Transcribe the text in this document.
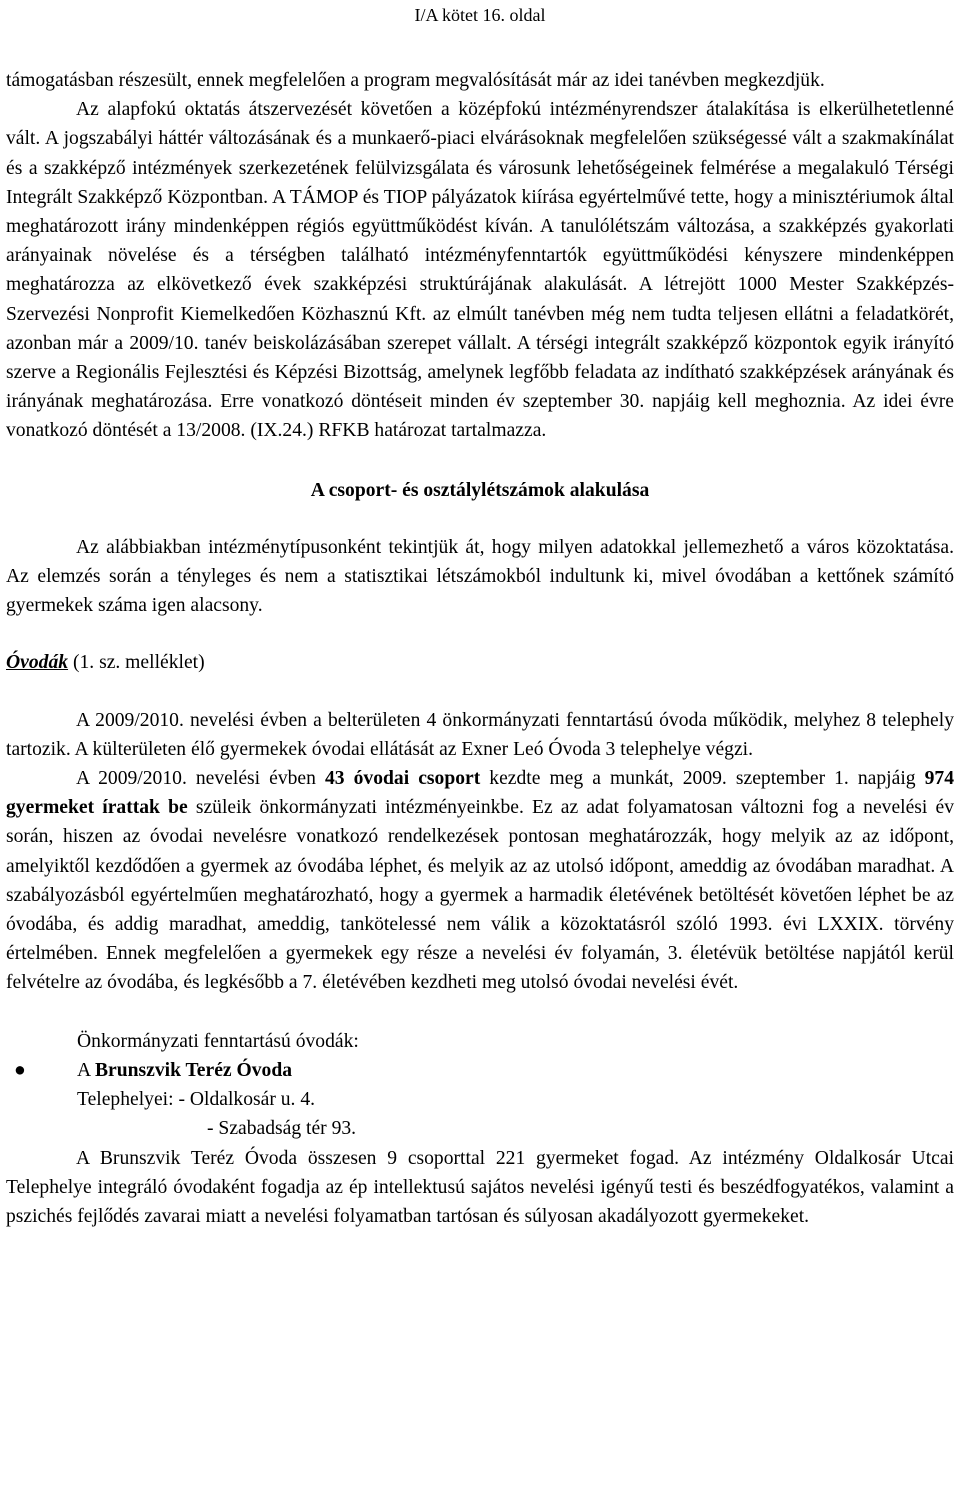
I/A kötet 16. oldal

támogatásban részesült, ennek megfelelően a program megvalósítását már az idei tanévben megkezdjük.

Az alapfokú oktatás átszervezését követően a középfokú intézményrendszer átalakítása is elkerülhetetlenné vált. A jogszabályi háttér változásának és a munkaerő-piaci elvárásoknak megfelelően szükségessé vált a szakmakínálat és a szakképző intézmények szerkezetének felülvizsgálata és városunk lehetőségeinek felmérése a megalakuló Térségi Integrált Szakképző Központban. A TÁMOP és TIOP pályázatok kiírása egyértelművé tette, hogy a minisztériumok által meghatározott irány mindenképpen régiós együttműködést kíván. A tanulólétszám változása, a szakképzés gyakorlati arányainak növelése és a térségben található intézményfenntartók együttműködési kényszere mindenképpen meghatározza az elkövetkező évek szakképzési struktúrájának alakulását. A létrejött 1000 Mester Szakképzés-Szervezési Nonprofit Kiemelkedően Közhasznú Kft. az elmúlt tanévben még nem tudta teljesen ellátni a feladatkörét, azonban már a 2009/10. tanév beiskolázásában szerepet vállalt. A térségi integrált szakképző központok egyik irányító szerve a Regionális Fejlesztési és Képzési Bizottság, amelynek legfőbb feladata az indítható szakképzések arányának és irányának meghatározása. Erre vonatkozó döntéseit minden év szeptember 30. napjáig kell meghoznia. Az idei évre vonatkozó döntését a 13/2008. (IX.24.) RFKB határozat tartalmazza.

A csoport- és osztálylétszámok alakulása

Az alábbiakban intézménytípusonként tekintjük át, hogy milyen adatokkal jellemezhető a város közoktatása. Az elemzés során a tényleges és nem a statisztikai létszámokból indultunk ki, mivel óvodában a kettőnek számító gyermekek száma igen alacsony.

Óvodák (1. sz. melléklet)

A 2009/2010. nevelési évben a belterületen 4 önkormányzati fenntartású óvoda működik, melyhez 8 telephely tartozik. A külterületen élő gyermekek óvodai ellátását az Exner Leó Óvoda 3 telephelye végzi.

A 2009/2010. nevelési évben 43 óvodai csoport kezdte meg a munkát, 2009. szeptember 1. napjáig 974 gyermeket írattak be szüleik önkormányzati intézményeinkbe. Ez az adat folyamatosan változni fog a nevelési év során, hiszen az óvodai nevelésre vonatkozó rendelkezések pontosan meghatározzák, hogy melyik az az időpont, amelyiktől kezdődően a gyermek az óvodába léphet, és melyik az az utolsó időpont, ameddig az óvodában maradhat. A szabályozásból egyértelműen meghatározható, hogy a gyermek a harmadik életévének betöltését követően léphet be az óvodába, és addig maradhat, ameddig, tankötelessé nem válik a közoktatásról szóló 1993. évi LXXIX. törvény értelmében. Ennek megfelelően a gyermekek egy része a nevelési év folyamán, 3. életévük betöltése napjától kerül felvételre az óvodába, és legkésőbb a 7. életévében kezdheti meg utolsó óvodai nevelési évét.

Önkormányzati fenntartású óvodák:

●	A Brunszvik Teréz Óvoda

Telephelyei: - Oldalkosár u. 4.

- Szabadság tér 93.

A Brunszvik Teréz Óvoda összesen 9 csoporttal 221 gyermeket fogad. Az intézmény Oldalkosár Utcai Telephelye integráló óvodaként fogadja az ép intellektusú sajátos nevelési igényű testi és beszédfogyatékos, valamint a pszichés fejlődés zavarai miatt a nevelési folyamatban tartósan és súlyosan akadályozott gyermekeket.
